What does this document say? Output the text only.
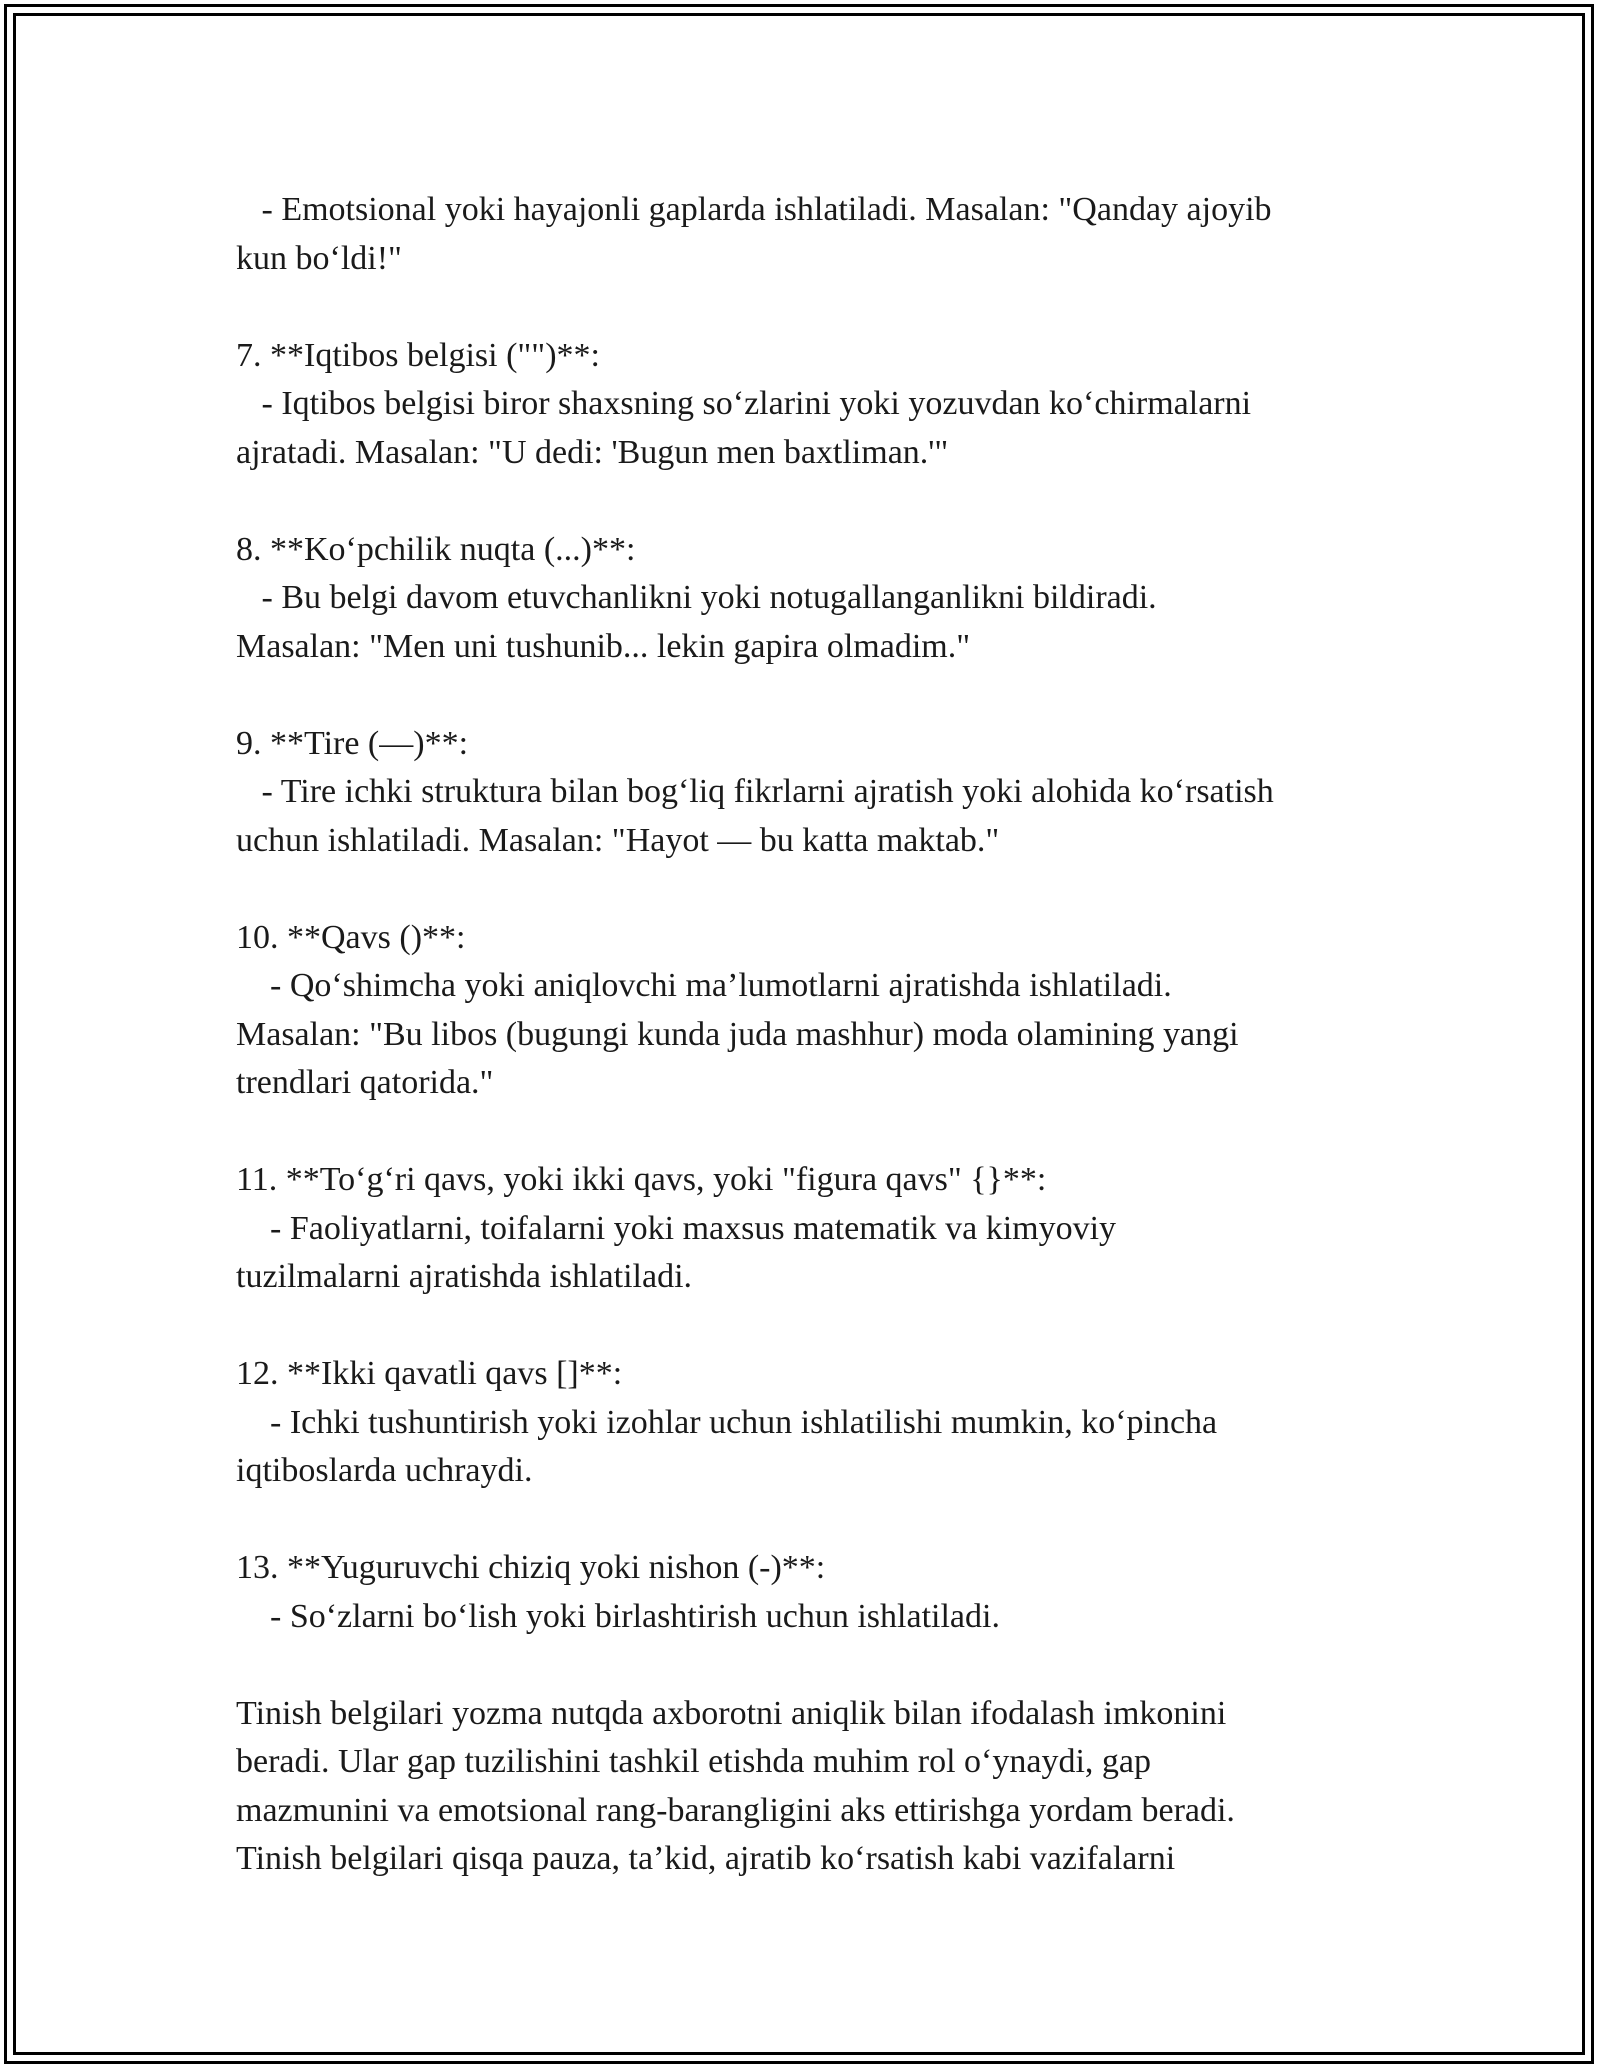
- Emotsional yoki hayajonli gaplarda ishlatiladi. Masalan: "Qanday ajoyib
kun bo‘ldi!"
7. **Iqtibos belgisi ("")**:
- Iqtibos belgisi biror shaxsning so‘zlarini yoki yozuvdan ko‘chirmalarni
ajratadi. Masalan: "U dedi: 'Bugun men baxtliman.'"
8. **Ko‘pchilik nuqta (...)**:
- Bu belgi davom etuvchanlikni yoki notugallanganlikni bildiradi.
Masalan: "Men uni tushunib... lekin gapira olmadim."
9. **Tire (—)**:
- Tire ichki struktura bilan bog‘liq fikrlarni ajratish yoki alohida ko‘rsatish
uchun ishlatiladi. Masalan: "Hayot — bu katta maktab."
10. **Qavs ()**:
- Qo‘shimcha yoki aniqlovchi ma’lumotlarni ajratishda ishlatiladi.
Masalan: "Bu libos (bugungi kunda juda mashhur) moda olamining yangi
trendlari qatorida."
11. **To‘g‘ri qavs, yoki ikki qavs, yoki "figura qavs" {}**:
- Faoliyatlarni, toifalarni yoki maxsus matematik va kimyoviy
tuzilmalarni ajratishda ishlatiladi.
12. **Ikki qavatli qavs []**:
- Ichki tushuntirish yoki izohlar uchun ishlatilishi mumkin, ko‘pincha
iqtiboslarda uchraydi.
13. **Yuguruvchi chiziq yoki nishon (-)**:
- So‘zlarni bo‘lish yoki birlashtirish uchun ishlatiladi.
Tinish belgilari yozma nutqda axborotni aniqlik bilan ifodalash imkonini
beradi. Ular gap tuzilishini tashkil etishda muhim rol o‘ynaydi, gap
mazmunini va emotsional rang-barangligini aks ettirishga yordam beradi.
Tinish belgilari qisqa pauza, ta’kid, ajratib ko‘rsatish kabi vazifalarni
